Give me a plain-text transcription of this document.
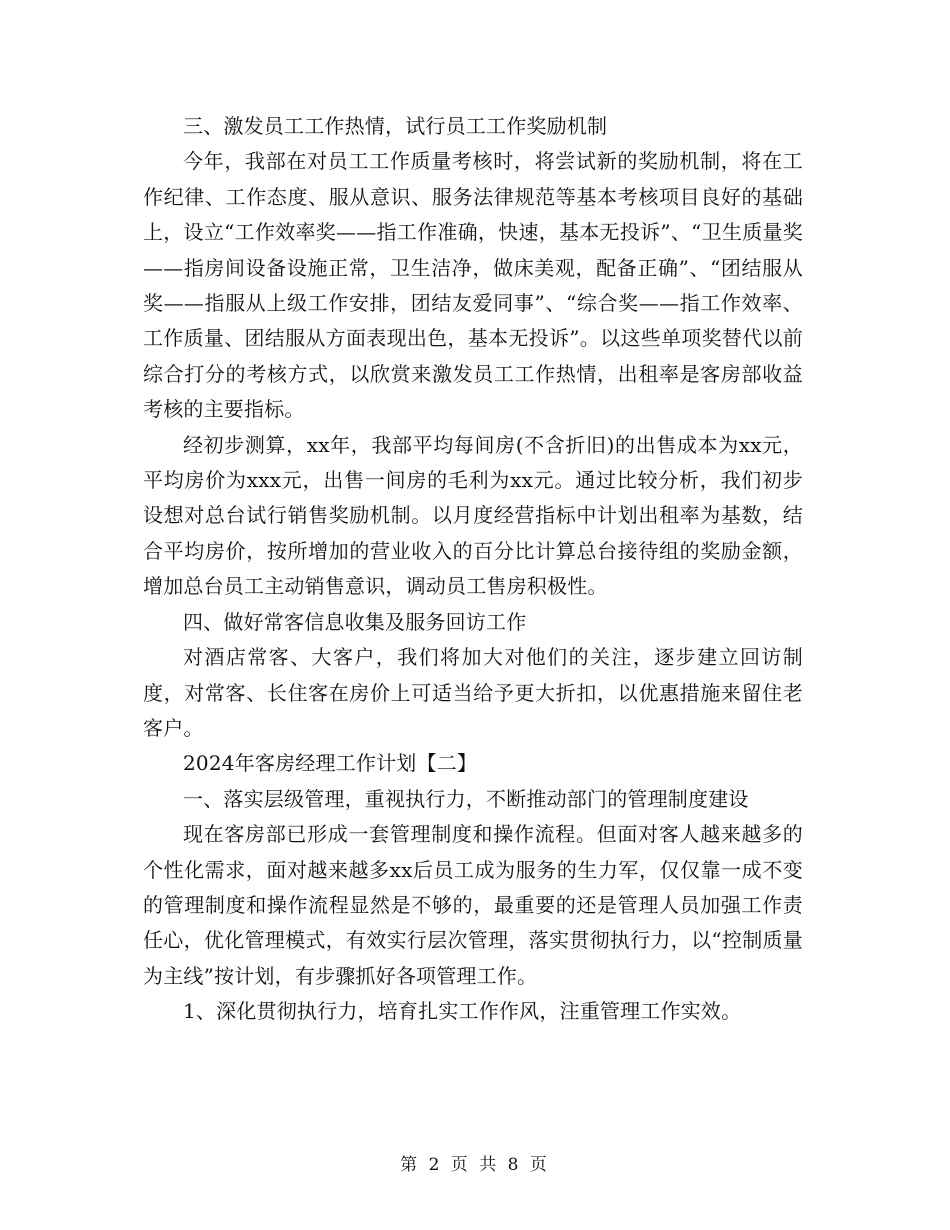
三、激发员工工作热情，试行员工工作奖励机制

今年，我部在对员工工作质量考核时，将尝试新的奖励机制，将在工作纪律、工作态度、服从意识、服务法律规范等基本考核项目良好的基础上，设立“工作效率奖——指工作准确，快速，基本无投诉”、“卫生质量奖——指房间设备设施正常，卫生洁净，做床美观，配备正确”、“团结服从奖——指服从上级工作安排，团结友爱同事”、“综合奖——指工作效率、工作质量、团结服从方面表现出色，基本无投诉”。以这些单项奖替代以前综合打分的考核方式，以欣赏来激发员工工作热情，出租率是客房部收益考核的主要指标。

经初步测算，xx年，我部平均每间房(不含折旧)的出售成本为xx元，平均房价为xxx元，出售一间房的毛利为xx元。通过比较分析，我们初步设想对总台试行销售奖励机制。以月度经营指标中计划出租率为基数，结合平均房价，按所增加的营业收入的百分比计算总台接待组的奖励金额，增加总台员工主动销售意识，调动员工售房积极性。

四、做好常客信息收集及服务回访工作

对酒店常客、大客户，我们将加大对他们的关注，逐步建立回访制度，对常客、长住客在房价上可适当给予更大折扣，以优惠措施来留住老客户。

2024年客房经理工作计划【二】

一、落实层级管理，重视执行力，不断推动部门的管理制度建设

现在客房部已形成一套管理制度和操作流程。但面对客人越来越多的个性化需求，面对越来越多xx后员工成为服务的生力军，仅仅靠一成不变的管理制度和操作流程显然是不够的，最重要的还是管理人员加强工作责任心，优化管理模式，有效实行层次管理，落实贯彻执行力，以“控制质量为主线”按计划，有步骤抓好各项管理工作。

1、深化贯彻执行力，培育扎实工作作风，注重管理工作实效。

第 2 页 共 8 页
